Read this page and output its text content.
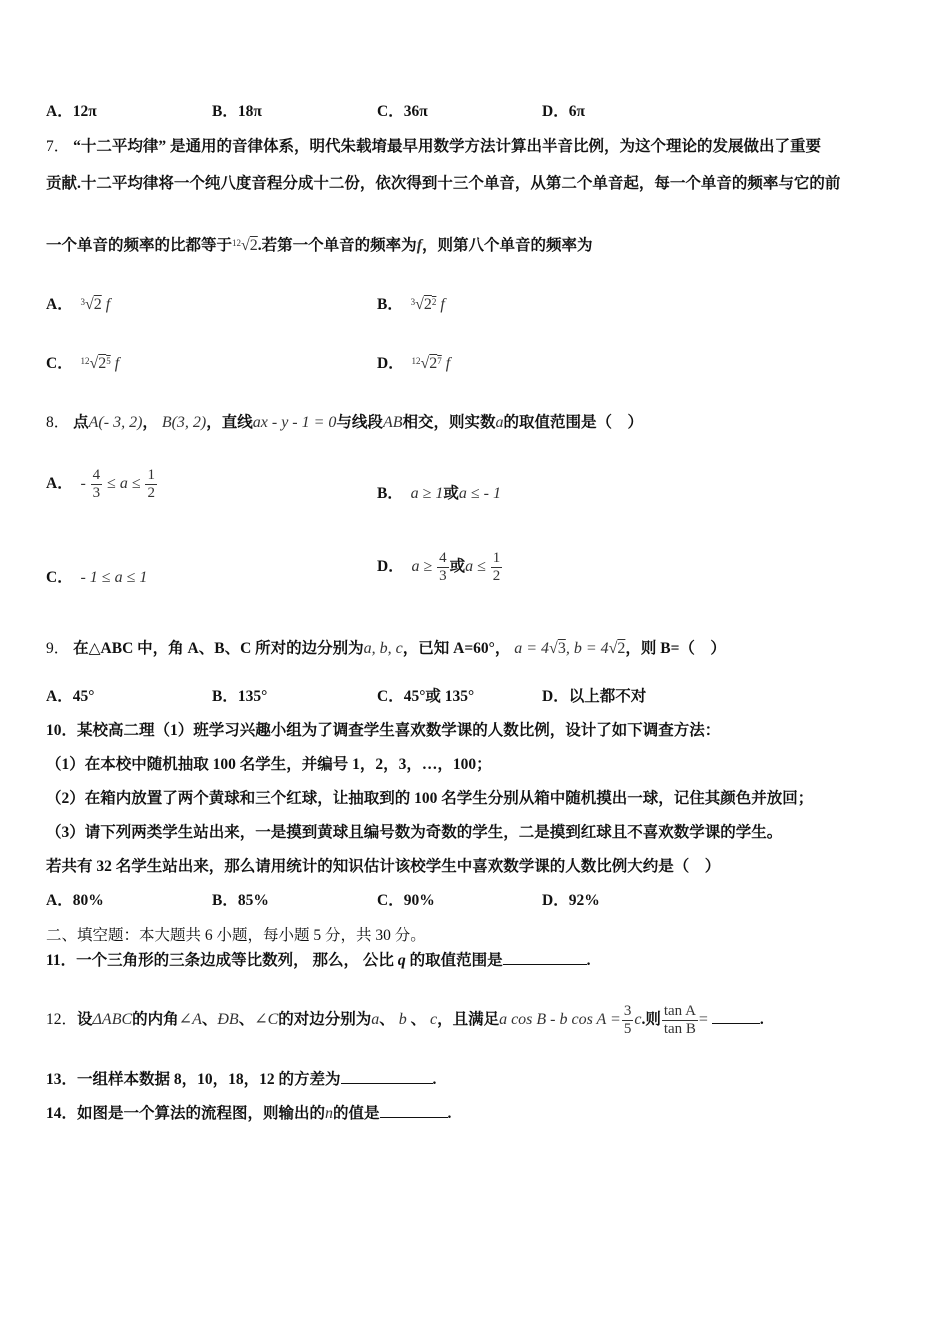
A．12π	B．18π	C．36π	D．6π
7． “十二平均律” 是通用的音律体系，明代朱载堉最早用数学方法计算出半音比例，为这个理论的发展做出了重要
贡献.十二平均律将一个纯八度音程分成十二份，依次得到十三个单音，从第二个单音起，每一个单音的频率与它的前
一个单音的频率的比都等于$^{12}$√2.若第一个单音的频率为f，则第八个单音的频率为
A． $^3$√2 f	B． $^3√2^2$ f
C． $^{12}√2^5$ f	D． $^{12}√2^7$ f
8． 点A(- 3, 2)， B(3, 2)，直线ax - y - 1 = 0与线段AB相交，则实数a的取值范围是（　）
A． - $\frac{4}{3} \le a \le \frac{1}{2}$	B． a ≥ 1或a ≤ - 1
C． - 1 ≤ a ≤ 1
D． $a \ge \frac{4}{3}$ 或$a \le \frac{1}{2}$
9． 在△ABC 中，角 A、B、C 所对的边分别为a, b, c，已知 A=60°， a = 4√3, b = 4√2，则 B=（　）
A．45°	B．135°	C．45°或 135°	D．以上都不对
10．某校高二理（1）班学习兴趣小组为了调查学生喜欢数学课的人数比例，设计了如下调查方法：
（1）在本校中随机抽取 100 名学生，并编号 1，2，3，…，100；
（2）在箱内放置了两个黄球和三个红球，让抽取到的 100 名学生分别从箱中随机摸出一球，记住其颜色并放回；
（3）请下列两类学生站出来，一是摸到黄球且编号数为奇数的学生，二是摸到红球且不喜欢数学课的学生。
若共有 32 名学生站出来，那么请用统计的知识估计该校学生中喜欢数学课的人数比例大约是（　）
A．80%	B．85%	C．90%	D．92%
二、填空题：本大题共 6 小题，每小题 5 分，共 30 分。
11．一个三角形的三条边成等比数列， 那么， 公比 q 的取值范围是	.
12．设ΔABC的内角∠A、ÐB、∠C的对边分别为a、 b 、 c，且满足a cos B - b $\cos A = \frac{3}{5} c$.则 $\frac{\text{tan A}}{\text{tan B}}$ =	.
13．一组样本数据 8，10，18，12 的方差为	.
14．如图是一个算法的流程图，则输出的n的值是	.
